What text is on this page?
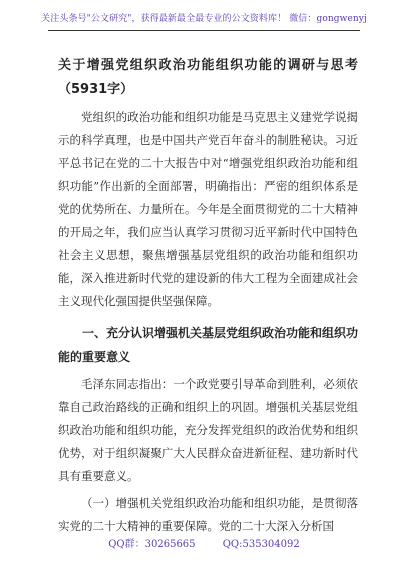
关注头条号"公文研究"，获得最新最全最专业的公文资料库！ 微信：gongwenyj

关于增强党组织政治功能组织功能的调研与思考（5931字）

党组织的政治功能和组织功能是马克思主义建党学说揭示的科学真理，也是中国共产党百年奋斗的制胜秘诀。习近平总书记在党的二十大报告中对“增强党组织政治功能和组织功能”作出新的全面部署，明确指出：严密的组织体系是党的优势所在、力量所在。今年是全面贯彻党的二十大精神的开局之年，我们应当认真学习贯彻习近平新时代中国特色社会主义思想，聚焦增强基层党组织的政治功能和组织功能，深入推进新时代党的建设新的伟大工程为全面建成社会主义现代化强国提供坚强保障。

一、充分认识增强机关基层党组织政治功能和组织功能的重要意义

毛泽东同志指出：一个政党要引导革命到胜利，必须依靠自己政治路线的正确和组织上的巩固。增强机关基层党组织政治功能和组织功能，充分发挥党组织的政治优势和组织优势，对于组织凝聚广大人民群众奋进新征程、建功新时代具有重要意义。

（一）增强机关党组织政治功能和组织功能，是贯彻落实党的二十大精神的重要保障。党的二十大深入分析国

QQ群：30265665	QQ:535304092
